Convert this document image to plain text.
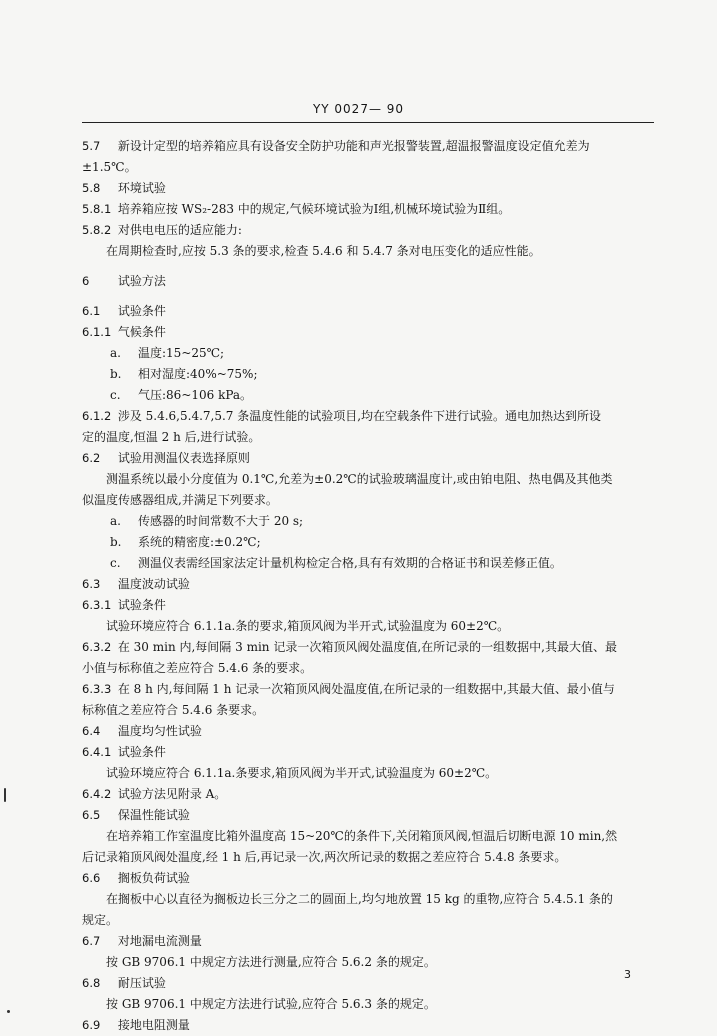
YY 0027— 90
5.7 新设计定型的培养箱应具有设备安全防护功能和声光报警装置,超温报警温度设定值允差为
±1.5℃。
5.8 环境试验
5.8.1 培养箱应按 WS₂-283 中的规定,气候环境试验为Ⅰ组,机械环境试验为Ⅱ组。
5.8.2 对供电电压的适应能力:
在周期检查时,应按 5.3 条的要求,检查 5.4.6 和 5.4.7 条对电压变化的适应性能。
6 试验方法
6.1 试验条件
6.1.1 气候条件
a. 温度:15~25℃;
b. 相对湿度:40%~75%;
c. 气压:86~106 kPa。
6.1.2 涉及 5.4.6,5.4.7,5.7 条温度性能的试验项目,均在空载条件下进行试验。通电加热达到所设
定的温度,恒温 2 h 后,进行试验。
6.2 试验用测温仪表选择原则
测温系统以最小分度值为 0.1℃,允差为±0.2℃的试验玻璃温度计,或由铂电阻、热电偶及其他类
似温度传感器组成,并满足下列要求。
a. 传感器的时间常数不大于 20 s;
b. 系统的精密度:±0.2℃;
c. 测温仪表需经国家法定计量机构检定合格,具有有效期的合格证书和误差修正值。
6.3 温度波动试验
6.3.1 试验条件
试验环境应符合 6.1.1a.条的要求,箱顶风阀为半开式,试验温度为 60±2℃。
6.3.2 在 30 min 内,每间隔 3 min 记录一次箱顶风阀处温度值,在所记录的一组数据中,其最大值、最
小值与标称值之差应符合 5.4.6 条的要求。
6.3.3 在 8 h 内,每间隔 1 h 记录一次箱顶风阀处温度值,在所记录的一组数据中,其最大值、最小值与
标称值之差应符合 5.4.6 条要求。
6.4 温度均匀性试验
6.4.1 试验条件
试验环境应符合 6.1.1a.条要求,箱顶风阀为半开式,试验温度为 60±2℃。
6.4.2 试验方法见附录 A。
6.5 保温性能试验
在培养箱工作室温度比箱外温度高 15~20℃的条件下,关闭箱顶风阀,恒温后切断电源 10 min,然
后记录箱顶风阀处温度,经 1 h 后,再记录一次,两次所记录的数据之差应符合 5.4.8 条要求。
6.6 搁板负荷试验
在搁板中心以直径为搁板边长三分之二的圆面上,均匀地放置 15 kg 的重物,应符合 5.4.5.1 条的
规定。
6.7 对地漏电流测量
按 GB 9706.1 中规定方法进行测量,应符合 5.6.2 条的规定。
6.8 耐压试验
按 GB 9706.1 中规定方法进行试验,应符合 5.6.3 条的规定。
6.9 接地电阻测量
3
